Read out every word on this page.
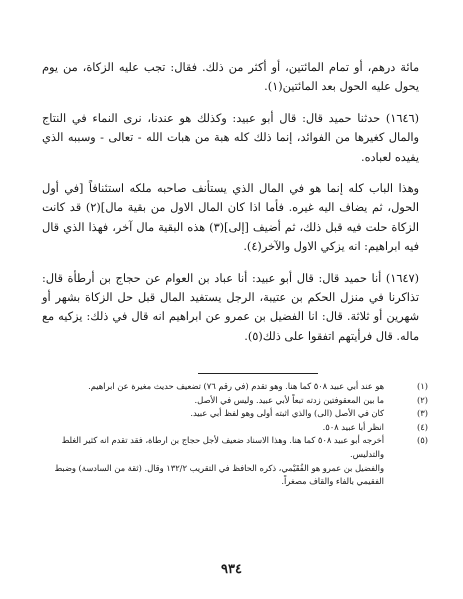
مائة درهم، أو تمام المائتين، أو أكثر من ذلك. فقال: تجب عليه الزكاة، من يوم يحول عليه الحول بعد المائتين(١).

(١٦٤٦) حدثنا حميد قال: قال أبو عبيد: وكذلك هو عندنا، نرى النماء في النتاج والمال كغيرها من الفوائد، إنما ذلك كله هبة من هبات الله - تعالى - وسببه الذي يفيده لعباده.

وهذا الباب كله إنما هو في المال الذي يستأنف صاحبه ملكه استئنافاً [في أول الحول، ثم يضاف اليه غيره. فأما اذا كان المال الاول من بقية مال](٢) قد كانت الزكاة حلت فيه قبل ذلك، ثم أضيف [إلى](٣) هذه البقية مال آخر، فهذا الذي قال فيه ابراهيم: انه يزكي الاول والآخر(٤).

(١٦٤٧) أنا حميد قال: قال أبو عبيد: أنا عباد بن العوام عن حجاج بن أرطأة قال: تذاكرنا في منزل الحكم بن عتيبة، الرجل يستفيد المال قبل حل الزكاة بشهر أو شهرين أو ثلاثة. قال: انا الفضيل بن عمرو عن ابراهيم انه قال في ذلك: يزكيه مع ماله. قال فرأيتهم اتفقوا على ذلك(٥).

(١)
هو عند أبي عبيد ٥٠٨ كما هنا. وهو تقدم (في رقم ٧٦) تضعيف حديث مغيرة عن ابراهيم.

(٢)
ما بين المعقوفتين زدته تبعاً لأبي عبيد. وليس في الأصل.

(٣)
كان في الأصل (الى) والذي اثبته أولى وهو لفظ أبي عبيد.

(٤)
انظر أبا عبيد ٥٠٨.

(٥)
أخرجه أبو عبيد ٥٠٨ كما هنا. وهذا الاسناد ضعيف لأجل حجاج بن ارطاة، فقد تقدم انه كثير الغلط والتدليس.

والفضيل بن عمرو هو الفُقَيْمي، ذكره الحافظ في التقريب ١٣٢/٢ وقال. (ثقة من السادسة) وضبط الفقيمي بالفاء والقاف مصغراً.

٩٣٤
